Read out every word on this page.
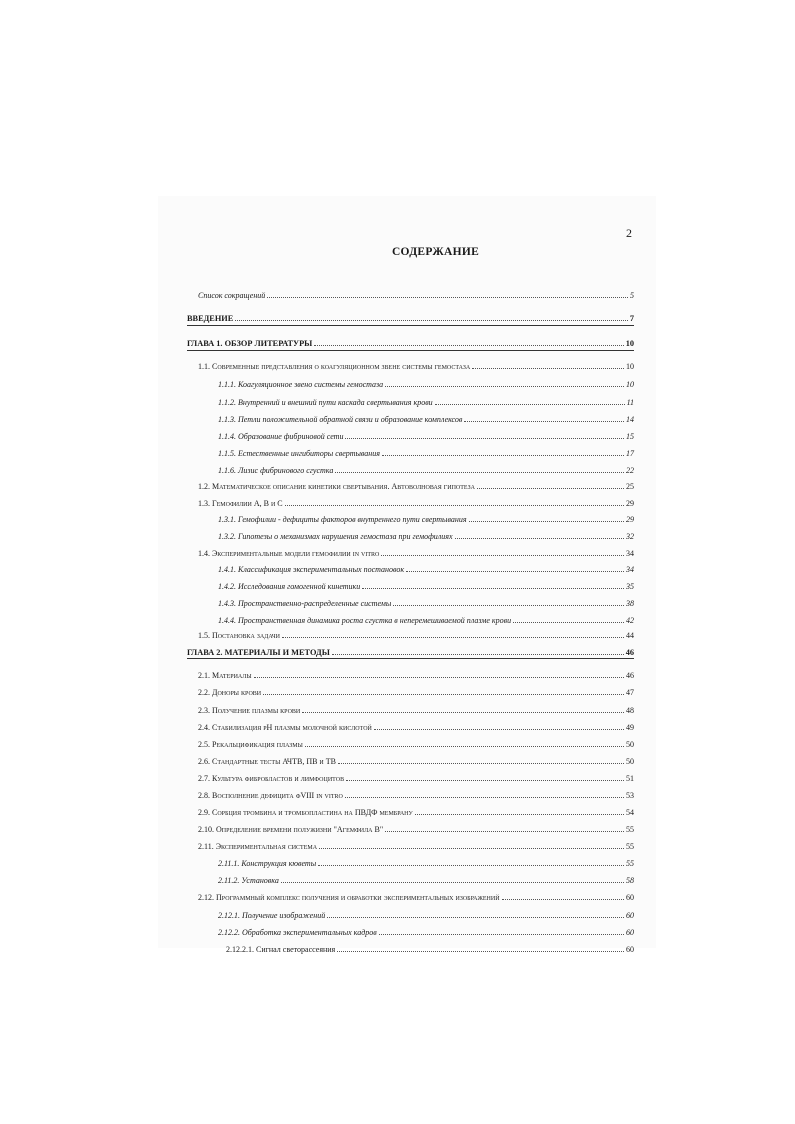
2
СОДЕРЖАНИЕ
Список сокращений	5
ВВЕДЕНИЕ	7
ГЛАВА 1. ОБЗОР ЛИТЕРАТУРЫ	10
1.1. Современные представления о коагуляционном звене системы гемостаза	10
1.1.1. Коагуляционное звено системы гемостаза	10
1.1.2. Внутренний и внешний пути каскада свертывания крови	11
1.1.3. Петли положительной обратной связи и образование комплексов	14
1.1.4. Образование фибриновой сети	15
1.1.5. Естественные ингибиторы свертывания	17
1.1.6. Лизис фибринового сгустка	22
1.2. Математическое описание кинетики свертывания. Автоволновая гипотеза	25
1.3. Гемофилии А, В и С	29
1.3.1. Гемофилии - дефициты факторов внутреннего пути свертывания	29
1.3.2. Гипотезы о механизмах нарушения гемостаза при гемофилиях	32
1.4. Экспериментальные модели гемофилии in vitro	34
1.4.1. Классификация экспериментальных постановок	34
1.4.2. Исследования гомогенной кинетики	35
1.4.3. Пространственно-распределенные системы	38
1.4.4. Пространственная динамика роста сгустка в неперемешиваемой плазме крови	42
1.5. Постановка задачи	44
ГЛАВА 2. МАТЕРИАЛЫ И МЕТОДЫ	46
2.1. Материалы	46
2.2. Доноры крови	47
2.3. Получение плазмы крови	48
2.4. Стабилизация pH плазмы молочной кислотой	49
2.5. Рекальцификация плазмы	50
2.6. Стандартные тесты АЧТВ, ПВ и ТВ	50
2.7. Культура фибробластов и лимфоцитов	51
2.8. Восполнение дефицита фVIII in vitro	53
2.9. Сорбция тромбина и тромбопластина на ПВДФ мембрану	54
2.10. Определение времени полужизни "Агемфила В"	55
2.11. Экспериментальная система	55
2.11.1. Конструкция кюветы	55
2.11.2. Установка	58
2.12. Программный комплекс получения и обработки экспериментальных изображений	60
2.12.1. Получение изображений	60
2.12.2. Обработка экспериментальных кадров	60
2.12.2.1. Сигнал светорассеяния	60
